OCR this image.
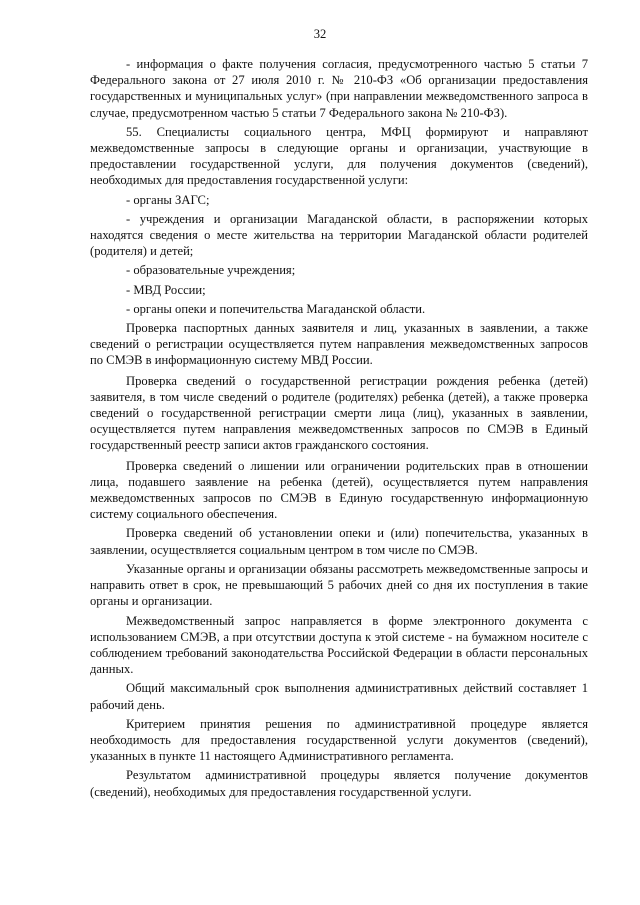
32

- информация о факте получения согласия, предусмотренного частью 5 статьи 7 Федерального закона от 27 июля 2010 г. № 210-ФЗ «Об организации предоставления государственных и муниципальных услуг» (при направлении межведомственного запроса в случае, предусмотренном частью 5 статьи 7 Федерального закона № 210-ФЗ).

55. Специалисты социального центра, МФЦ формируют и направляют межведомственные запросы в следующие органы и организации, участвующие в предоставлении государственной услуги, для получения документов (сведений), необходимых для предоставления государственной услуги:

- органы ЗАГС;

- учреждения и организации Магаданской области, в распоряжении которых находятся сведения о месте жительства на территории Магаданской области родителей (родителя) и детей;

- образовательные учреждения;

- МВД России;

- органы опеки и попечительства Магаданской области.

Проверка паспортных данных заявителя и лиц, указанных в заявлении, а также сведений о регистрации осуществляется путем направления межведомственных запросов по СМЭВ в информационную систему МВД России.

Проверка сведений о государственной регистрации рождения ребенка (детей) заявителя, в том числе сведений о родителе (родителях) ребенка (детей), а также проверка сведений о государственной регистрации смерти лица (лиц), указанных в заявлении, осуществляется путем направления межведомственных запросов по СМЭВ в Единый государственный реестр записи актов гражданского состояния.

Проверка сведений о лишении или ограничении родительских прав в отношении лица, подавшего заявление на ребенка (детей), осуществляется путем направления межведомственных запросов по СМЭВ в Единую государственную информационную систему социального обеспечения.

Проверка сведений об установлении опеки и (или) попечительства, указанных в заявлении, осуществляется социальным центром в том числе по СМЭВ.

Указанные органы и организации обязаны рассмотреть межведомственные запросы и направить ответ в срок, не превышающий 5 рабочих дней со дня их поступления в такие органы и организации.

Межведомственный запрос направляется в форме электронного документа с использованием СМЭВ, а при отсутствии доступа к этой системе - на бумажном носителе с соблюдением требований законодательства Российской Федерации в области персональных данных.

Общий максимальный срок выполнения административных действий составляет 1 рабочий день.

Критерием принятия решения по административной процедуре является необходимость для предоставления государственной услуги документов (сведений), указанных в пункте 11 настоящего Административного регламента.

Результатом административной процедуры является получение документов (сведений), необходимых для предоставления государственной услуги.
